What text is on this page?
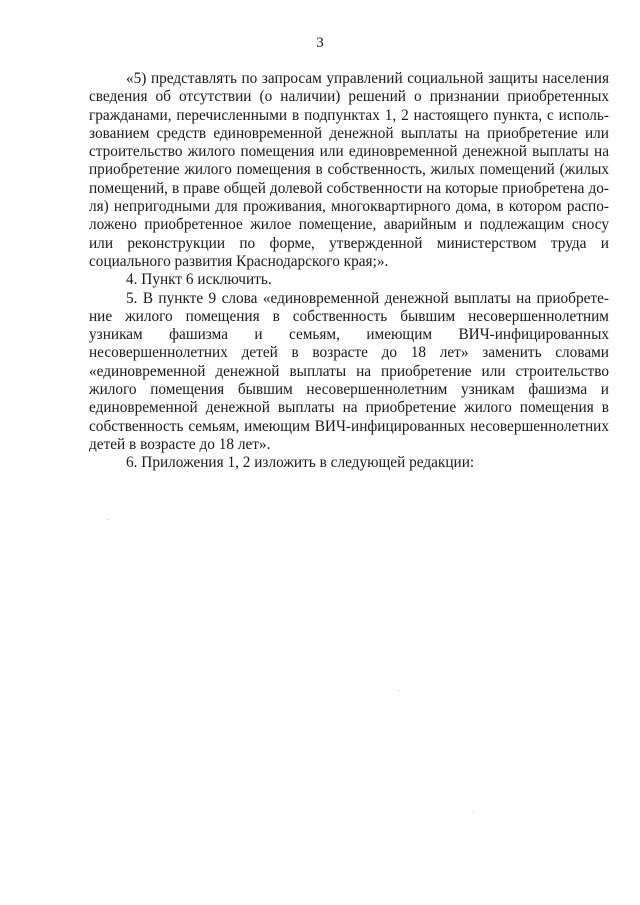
3

«5) представлять по запросам управлений социальной защиты населения сведения об отсутствии (о наличии) решений о признании приобретенных гражданами, перечисленными в подпунктах 1, 2 настоящего пункта, с использованием средств единовременной денежной выплаты на приобретение или строительство жилого помещения или единовременной денежной выплаты на приобретение жилого помещения в собственность, жилых помещений (жилых помещений, в праве общей долевой собственности на которые приобретена доля) непригодными для проживания, многоквартирного дома, в котором расположено приобретенное жилое помещение, аварийным и подлежащим сносу или реконструкции по форме, утвержденной министерством труда и социального развития Краснодарского края;».

4. Пункт 6 исключить.

5. В пункте 9 слова «единовременной денежной выплаты на приобретение жилого помещения в собственность бывшим несовершеннолетним узникам фашизма и семьям, имеющим ВИЧ-инфицированных несовершеннолетних детей в возрасте до 18 лет» заменить словами «единовременной денежной выплаты на приобретение или строительство жилого помещения бывшим несовершеннолетним узникам фашизма и единовременной денежной выплаты на приобретение жилого помещения в собственность семьям, имеющим ВИЧ-инфицированных несовершеннолетних детей в возрасте до 18 лет».

6. Приложения 1, 2 изложить в следующей редакции:
